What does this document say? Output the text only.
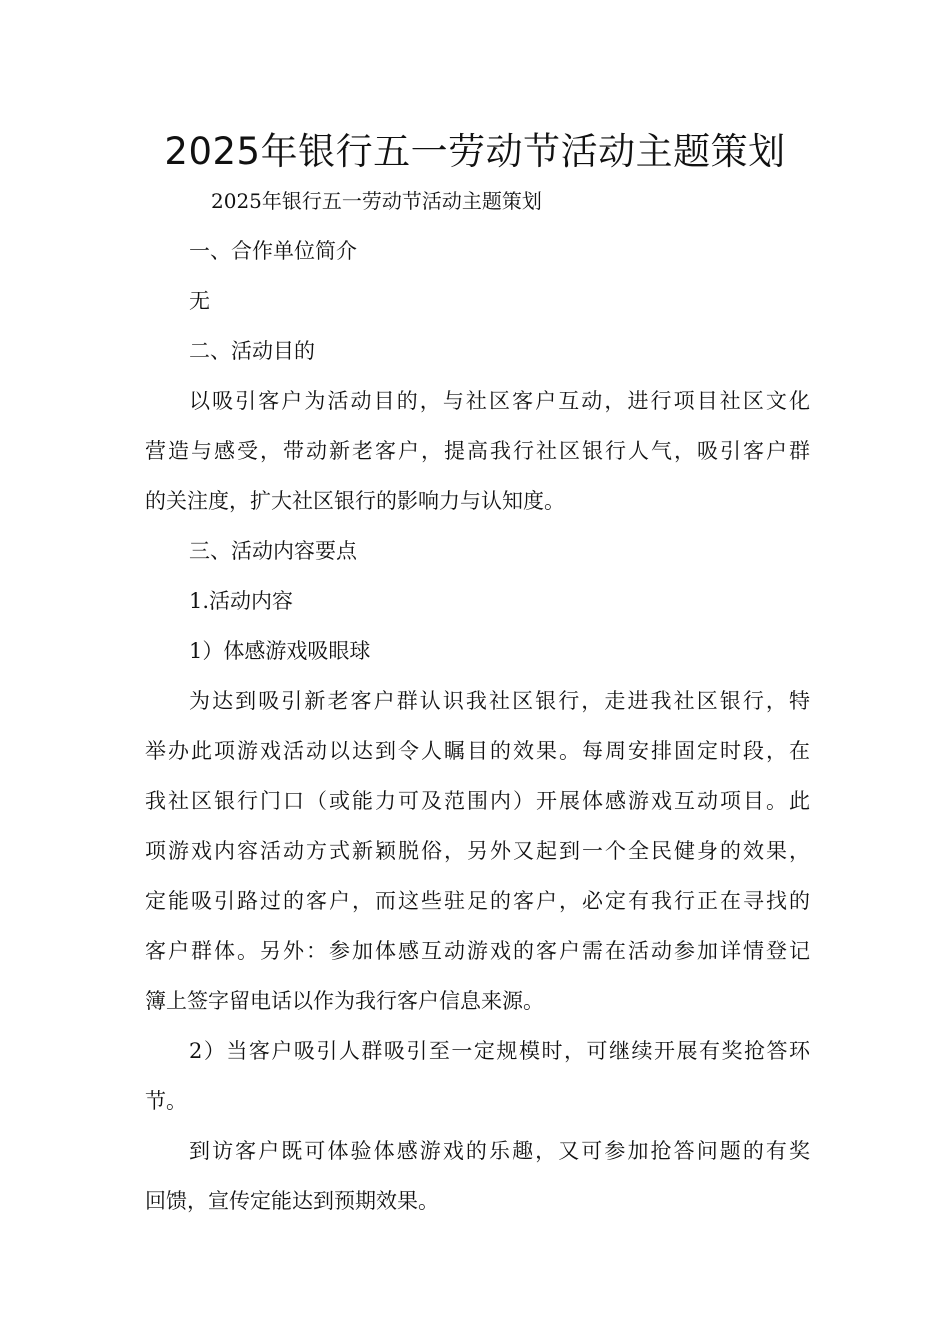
2025年银行五一劳动节活动主题策划

2025年银行五一劳动节活动主题策划

一、合作单位简介

无

二、活动目的

以吸引客户为活动目的，与社区客户互动，进行项目社区文化

营造与感受，带动新老客户，提高我行社区银行人气，吸引客户群

的关注度，扩大社区银行的影响力与认知度。

三、活动内容要点

1.活动内容

1）体感游戏吸眼球

为达到吸引新老客户群认识我社区银行，走进我社区银行，特

举办此项游戏活动以达到令人瞩目的效果。每周安排固定时段，在

我社区银行门口（或能力可及范围内）开展体感游戏互动项目。此

项游戏内容活动方式新颖脱俗，另外又起到一个全民健身的效果，

定能吸引路过的客户，而这些驻足的客户，必定有我行正在寻找的

客户群体。另外：参加体感互动游戏的客户需在活动参加详情登记

簿上签字留电话以作为我行客户信息来源。

2）当客户吸引人群吸引至一定规模时，可继续开展有奖抢答环

节。

到访客户既可体验体感游戏的乐趣，又可参加抢答问题的有奖

回馈，宣传定能达到预期效果。
